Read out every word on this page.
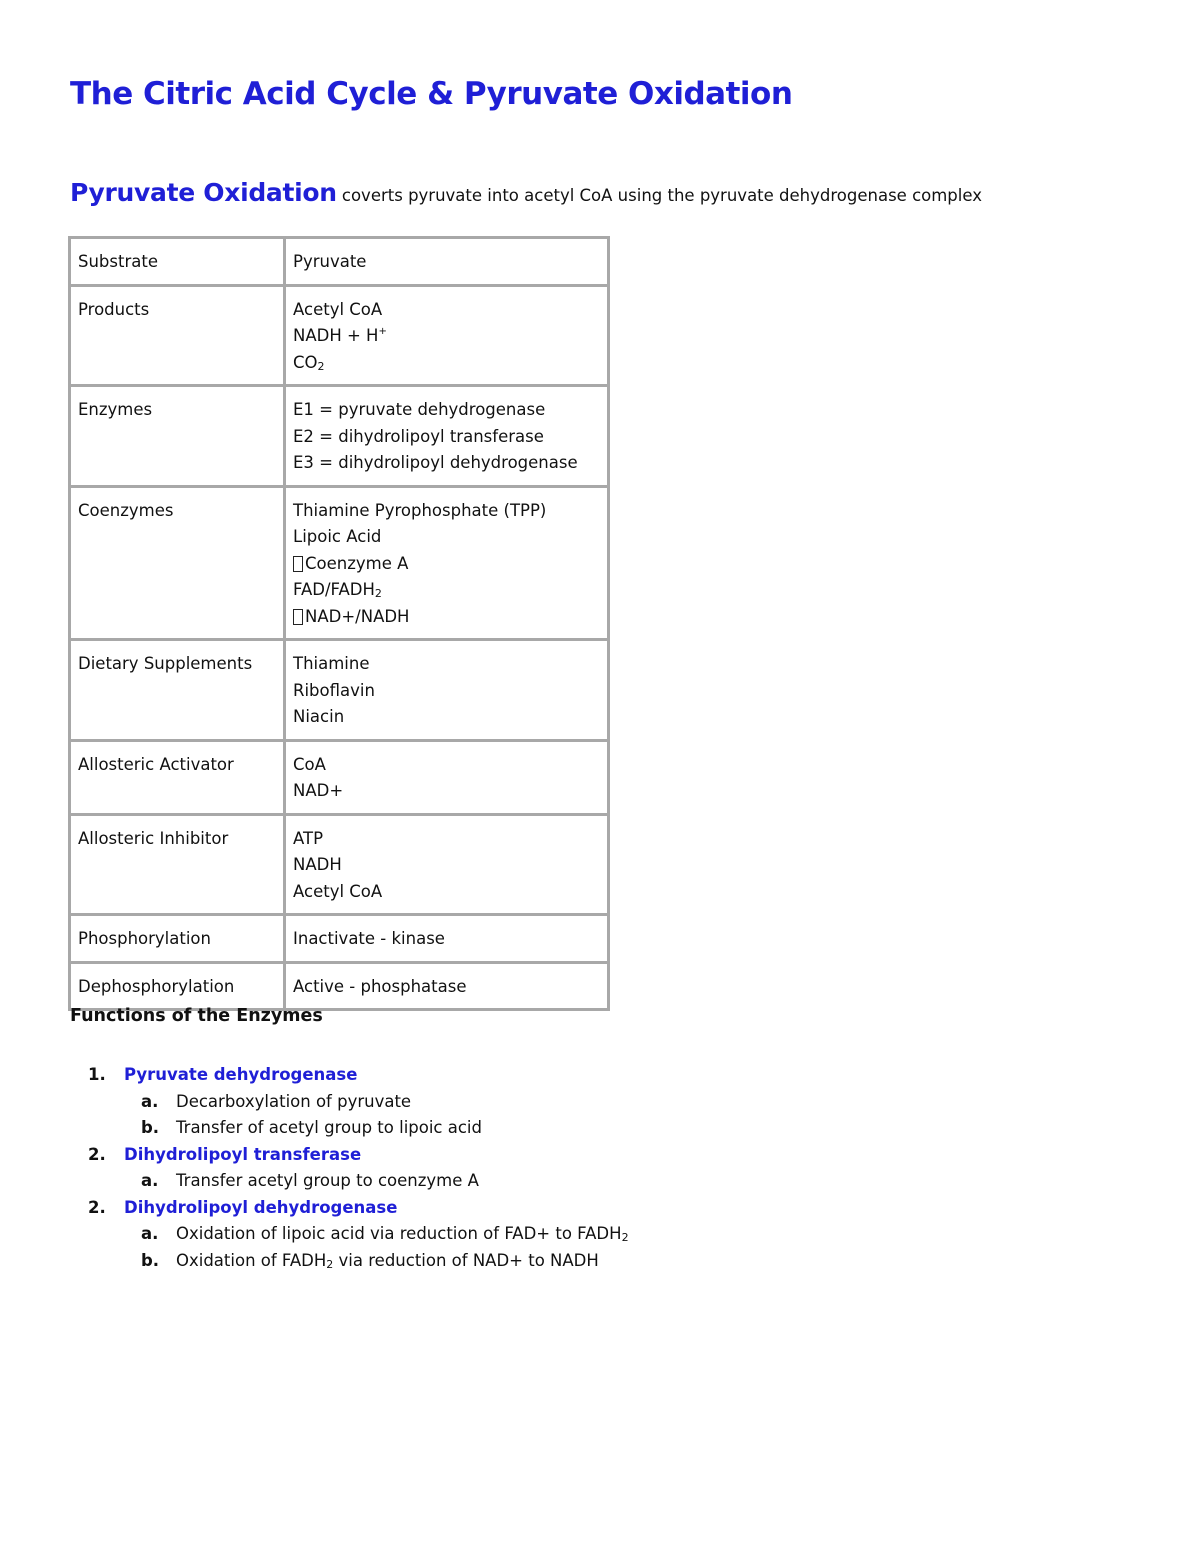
The Citric Acid Cycle & Pyruvate Oxidation

Pyruvate Oxidation coverts pyruvate into acetyl CoA using the pyruvate dehydrogenase complex

Substrate	Pyruvate

Products	Acetyl CoA
NADH + H+
$CO_2$

Enzymes	E1 = pyruvate dehydrogenase
E2 = dihydrolipoyl transferase
E3 = dihydrolipoyl dehydrogenase

Coenzymes	Thiamine Pyrophosphate (TPP)
Lipoic Acid
Coenzyme A
FAD/$FADH_2$
NAD+/NADH

Dietary Supplements	Thiamine
Riboflavin
Niacin

Allosteric Activator	CoA
NAD+

Allosteric Inhibitor	ATP
NADH
Acetyl CoA

Phosphorylation	Inactivate - kinase

Dephosphorylation	Active - phosphatase
Functions of the Enzymes
1. Pyruvate dehydrogenase
a. Decarboxylation of pyruvate
b. Transfer of acetyl group to lipoic acid
2. Dihydrolipoyl transferase
a. Transfer acetyl group to coenzyme A
2. Dihydrolipoyl dehydrogenase
a. Oxidation of lipoic acid via reduction of FAD+ to $FADH_2$
b. Oxidation of $FADH_2$ via reduction of NAD+ to NADH
